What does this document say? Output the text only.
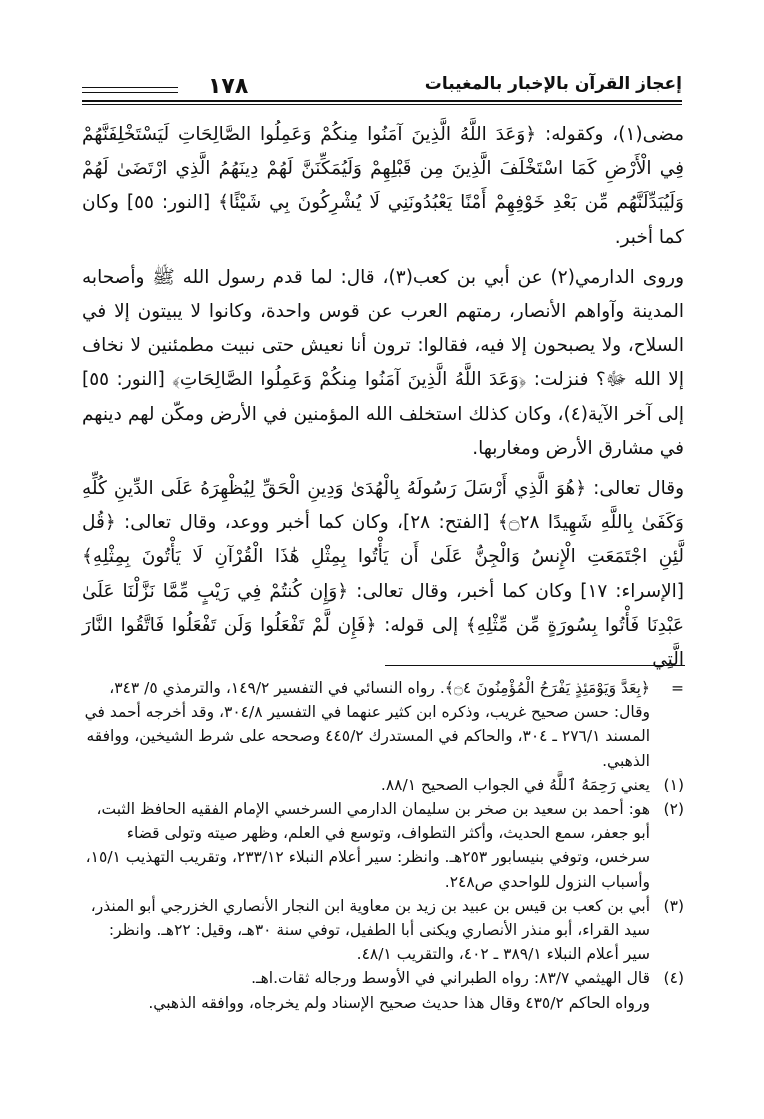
١٧٨	إعجاز القرآن بالإخبار بالمغيبات

مضى(١)، وكقوله: ﴿وَعَدَ اللَّهُ الَّذِينَ آمَنُوا مِنكُمْ وَعَمِلُوا الصَّالِحَاتِ لَيَسْتَخْلِفَنَّهُمْ فِي الْأَرْضِ كَمَا اسْتَخْلَفَ الَّذِينَ مِن قَبْلِهِمْ وَلَيُمَكِّنَنَّ لَهُمْ دِينَهُمُ الَّذِي ارْتَضَىٰ لَهُمْ وَلَيُبَدِّلَنَّهُم مِّن بَعْدِ خَوْفِهِمْ أَمْنًا يَعْبُدُونَنِي لَا يُشْرِكُونَ بِي شَيْئًا﴾ [النور: ٥٥] وكان كما أخبر.

وروى الدارمي(٢) عن أبي بن كعب(٣)، قال: لما قدم رسول الله ﷺ وأصحابه المدينة وآواهم الأنصار، رمتهم العرب عن قوس واحدة، وكانوا لا يبيتون إلا في السلاح، ولا يصبحون إلا فيه، فقالوا: ترون أنا نعيش حتى نبيت مطمئنين لا نخاف إلا الله ﷻ؟ فنزلت: ﴿وَعَدَ اللَّهُ الَّذِينَ آمَنُوا مِنكُمْ وَعَمِلُوا الصَّالِحَاتِ﴾ [النور: ٥٥] إلى آخر الآية(٤)، وكان كذلك استخلف الله المؤمنين في الأرض ومكّن لهم دينهم في مشارق الأرض ومغاربها.

وقال تعالى: ﴿هُوَ الَّذِي أَرْسَلَ رَسُولَهُ بِالْهُدَىٰ وَدِينِ الْحَقِّ لِيُظْهِرَهُ عَلَى الدِّينِ كُلِّهِ وَكَفَىٰ بِاللَّهِ شَهِيدًا ۝٢٨﴾ [الفتح: ٢٨]، وكان كما أخبر ووعد، وقال تعالى: ﴿قُل لَّئِنِ اجْتَمَعَتِ الْإِنسُ وَالْجِنُّ عَلَىٰ أَن يَأْتُوا بِمِثْلِ هَٰذَا الْقُرْآنِ لَا يَأْتُونَ بِمِثْلِهِ﴾ [الإسراء: ١٧] وكان كما أخبر، وقال تعالى: ﴿وَإِن كُنتُمْ فِي رَيْبٍ مِّمَّا نَزَّلْنَا عَلَىٰ عَبْدِنَا فَأْتُوا بِسُورَةٍ مِّن مِّثْلِهِ﴾ إلى قوله: ﴿فَإِن لَّمْ تَفْعَلُوا وَلَن تَفْعَلُوا فَاتَّقُوا النَّارَ الَّتِي

=
﴿بِعَدَّ وَيَوْمَئِذٍ يَفْرَحُ الْمُؤْمِنُونَ ۝٤﴾. رواه النسائي في التفسير ١٤٩/٢، والترمذي ٥/ ٣٤٣، وقال: حسن صحيح غريب، وذكره ابن كثير عنهما في التفسير ٣٠٤/٨، وقد أخرجه أحمد في المسند ٢٧٦/١ ـ ٣٠٤، والحاكم في المستدرك ٤٤٥/٢ وصححه على شرط الشيخين، ووافقه الذهبي.

(١)
يعني رَحِمَهُ ٱللَّهُ في الجواب الصحيح ٨٨/١.

(٢)
هو: أحمد بن سعيد بن صخر بن سليمان الدارمي السرخسي الإمام الفقيه الحافظ الثبت، أبو جعفر، سمع الحديث، وأكثر التطواف، وتوسع في العلم، وظهر صيته وتولى قضاء سرخس، وتوفي بنيسابور ٢٥٣هـ. وانظر: سير أعلام النبلاء ٢٣٣/١٢، وتقريب التهذيب ١٥/١، وأسباب النزول للواحدي ص٢٤٨.

(٣)
أبي بن كعب بن قيس بن عبيد بن زيد بن معاوية ابن النجار الأنصاري الخزرجي أبو المنذر، سيد القراء، أبو منذر الأنصاري ويكنى أبا الطفيل، توفي سنة ٣٠هـ، وقيل: ٢٢هـ. وانظر: سير أعلام النبلاء ٣٨٩/١ ـ ٤٠٢، والتقريب ٤٨/١.

(٤)
قال الهيثمي ٨٣/٧: رواه الطبراني في الأوسط ورجاله ثقات.اهـ.

ورواه الحاكم ٤٣٥/٢ وقال هذا حديث صحيح الإسناد ولم يخرجاه، ووافقه الذهبي.
